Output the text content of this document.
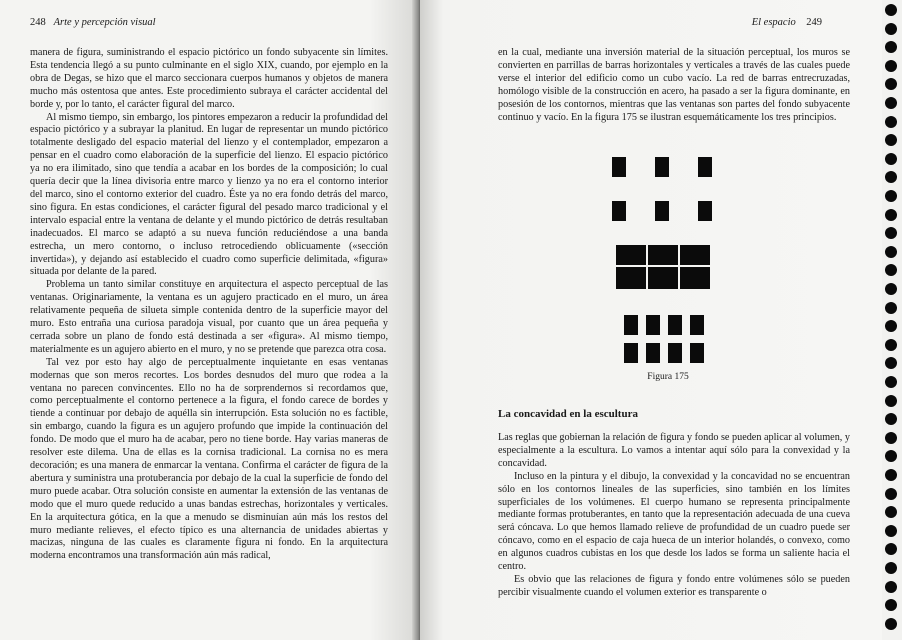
248 Arte y percepción visual

manera de figura, suministrando el espacio pictórico un fondo subyacente sin límites. Esta tendencia llegó a su punto culminante en el siglo XIX, cuando, por ejemplo en la obra de Degas, se hizo que el marco seccionara cuerpos humanos y objetos de manera mucho más ostentosa que antes. Este procedimiento subraya el carácter accidental del borde y, por lo tanto, el carácter figural del marco.

Al mismo tiempo, sin embargo, los pintores empezaron a reducir la profundidad del espacio pictórico y a subrayar la planitud. En lugar de representar un mundo pictórico totalmente desligado del espacio material del lienzo y el contemplador, empezaron a pensar en el cuadro como elaboración de la superficie del lienzo. El espacio pictórico ya no era ilimitado, sino que tendía a acabar en los bordes de la composición; lo cual quería decir que la línea divisoria entre marco y lienzo ya no era el contorno interior del marco, sino el contorno exterior del cuadro. Éste ya no era fondo detrás del marco, sino figura. En estas condiciones, el carácter figural del pesado marco tradicional y el intervalo espacial entre la ventana de delante y el mundo pictórico de detrás resultaban inadecuados. El marco se adaptó a su nueva función reduciéndose a una banda estrecha, un mero contorno, o incluso retrocediendo oblicuamente («sección invertida»), y dejando así establecido el cuadro como superficie delimitada, «figura» situada por delante de la pared.

Problema un tanto similar constituye en arquitectura el aspecto perceptual de las ventanas. Originariamente, la ventana es un agujero practicado en el muro, un área relativamente pequeña de silueta simple contenida dentro de la superficie mayor del muro. Esto entraña una curiosa paradoja visual, por cuanto que un área pequeña y cerrada sobre un plano de fondo está destinada a ser «figura». Al mismo tiempo, materialmente es un agujero abierto en el muro, y no se pretende que parezca otra cosa.

Tal vez por esto hay algo de perceptualmente inquietante en esas ventanas modernas que son meros recortes. Los bordes desnudos del muro que rodea a la ventana no parecen convincentes. Ello no ha de sorprendernos si recordamos que, como perceptualmente el contorno pertenece a la figura, el fondo carece de bordes y tiende a continuar por debajo de aquélla sin interrupción. Esta solución no es factible, sin embargo, cuando la figura es un agujero profundo que impide la continuación del fondo. De modo que el muro ha de acabar, pero no tiene borde. Hay varias maneras de resolver este dilema. Una de ellas es la cornisa tradicional. La cornisa no es mera decoración; es una manera de enmarcar la ventana. Confirma el carácter de figura de la abertura y suministra una protuberancia por debajo de la cual la superficie de fondo del muro puede acabar. Otra solución consiste en aumentar la extensión de las ventanas de modo que el muro quede reducido a unas bandas estrechas, horizontales y verticales. En la arquitectura gótica, en la que a menudo se disminuían aún más los restos del muro mediante relieves, el efecto típico es una alternancia de unidades abiertas y macizas, ninguna de las cuales es claramente figura ni fondo. En la arquitectura moderna encontramos una transformación aún más radical,

El espacio 249

en la cual, mediante una inversión material de la situación perceptual, los muros se convierten en parrillas de barras horizontales y verticales a través de las cuales puede verse el interior del edificio como un cubo vacío. La red de barras entrecruzadas, homólogo visible de la construcción en acero, ha pasado a ser la figura dominante, en posesión de los contornos, mientras que las ventanas son partes del fondo subyacente continuo y vacío. En la figura 175 se ilustran esquemáticamente los tres principios.

Figura 175
La concavidad en la escultura

Las reglas que gobiernan la relación de figura y fondo se pueden aplicar al volumen, y especialmente a la escultura. Lo vamos a intentar aquí sólo para la convexidad y la concavidad.

Incluso en la pintura y el dibujo, la convexidad y la concavidad no se encuentran sólo en los contornos lineales de las superficies, sino también en los límites superficiales de los volúmenes. El cuerpo humano se representa principalmente mediante formas protuberantes, en tanto que la representación adecuada de una cueva será cóncava. Lo que hemos llamado relieve de profundidad de un cuadro puede ser cóncavo, como en el espacio de caja hueca de un interior holandés, o convexo, como en algunos cuadros cubistas en los que desde los lados se forma un saliente hacia el centro.

Es obvio que las relaciones de figura y fondo entre volúmenes sólo se pueden percibir visualmente cuando el volumen exterior es transparente o
